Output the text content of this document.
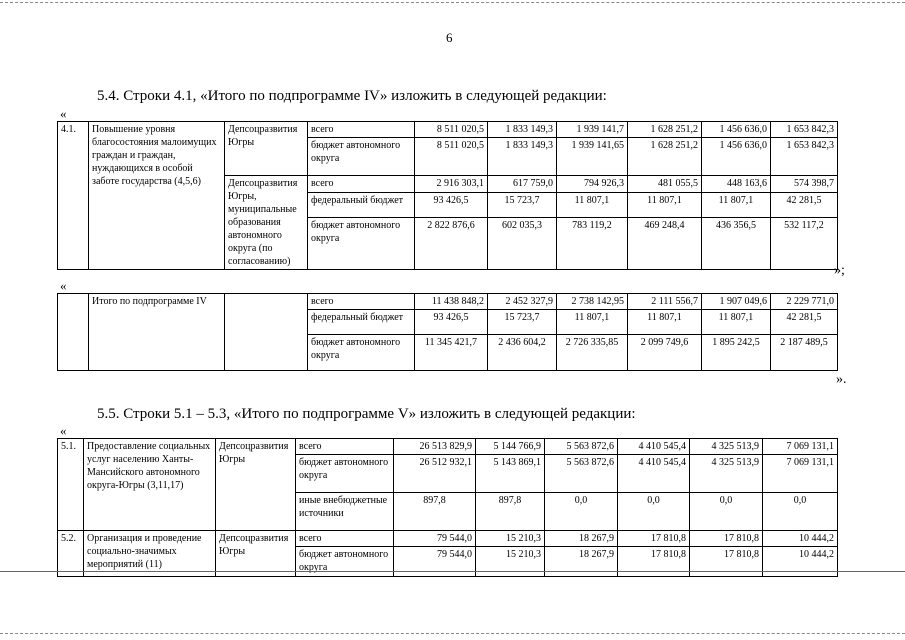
6
5.4. Строки 4.1, «Итого по подпрограмме IV» изложить в следующей редакции:
«
4.1.	Повышение уровня благосостояния малоимущих граждан и граждан, нуждающихся в особой заботе государства (4,5,6)	Депсоцразвития Югры	всего	8 511 020,5	1 833 149,3	1 939 141,7	1 628 251,2	1 456 636,0	1 653 842,3
			бюджет автономного округа	8 511 020,5	1 833 149,3	1 939 141,65	1 628 251,2	1 456 636,0	1 653 842,3
		Депсоцразвития Югры, муниципальные образования автономного округа (по согласованию)	всего	2 916 303,1	617 759,0	794 926,3	481 055,5	448 163,6	574 398,7
			федеральный бюджет	93 426,5	15 723,7	11 807,1	11 807,1	11 807,1	42 281,5
			бюджет автономного округа	2 822 876,6	602 035,3	783 119,2	469 248,4	436 356,5	532 117,2
»;
«
	Итого по подпрограмме IV		всего	11 438 848,2	2 452 327,9	2 738 142,95	2 111 556,7	1 907 049,6	2 229 771,0
			федеральный бюджет	93 426,5	15 723,7	11 807,1	11 807,1	11 807,1	42 281,5
			бюджет автономного округа	11 345 421,7	2 436 604,2	2 726 335,85	2 099 749,6	1 895 242,5	2 187 489,5
».
5.5. Строки 5.1 – 5.3, «Итого по подпрограмме V» изложить в следующей редакции:
«
5.1.	Предоставление социальных услуг населению Ханты-Мансийского автономного округа-Югры (3,11,17)	Депсоцразвития Югры	всего	26 513 829,9	5 144 766,9	5 563 872,6	4 410 545,4	4 325 513,9	7 069 131,1
			бюджет автономного округа	26 512 932,1	5 143 869,1	5 563 872,6	4 410 545,4	4 325 513,9	7 069 131,1
			иные внебюджетные источники	897,8	897,8	0,0	0,0	0,0	0,0
5.2.	Организация и проведение социально-значимых мероприятий (11)	Депсоцразвития Югры	всего	79 544,0	15 210,3	18 267,9	17 810,8	17 810,8	10 444,2
			бюджет автономного округа	79 544,0	15 210,3	18 267,9	17 810,8	17 810,8	10 444,2
